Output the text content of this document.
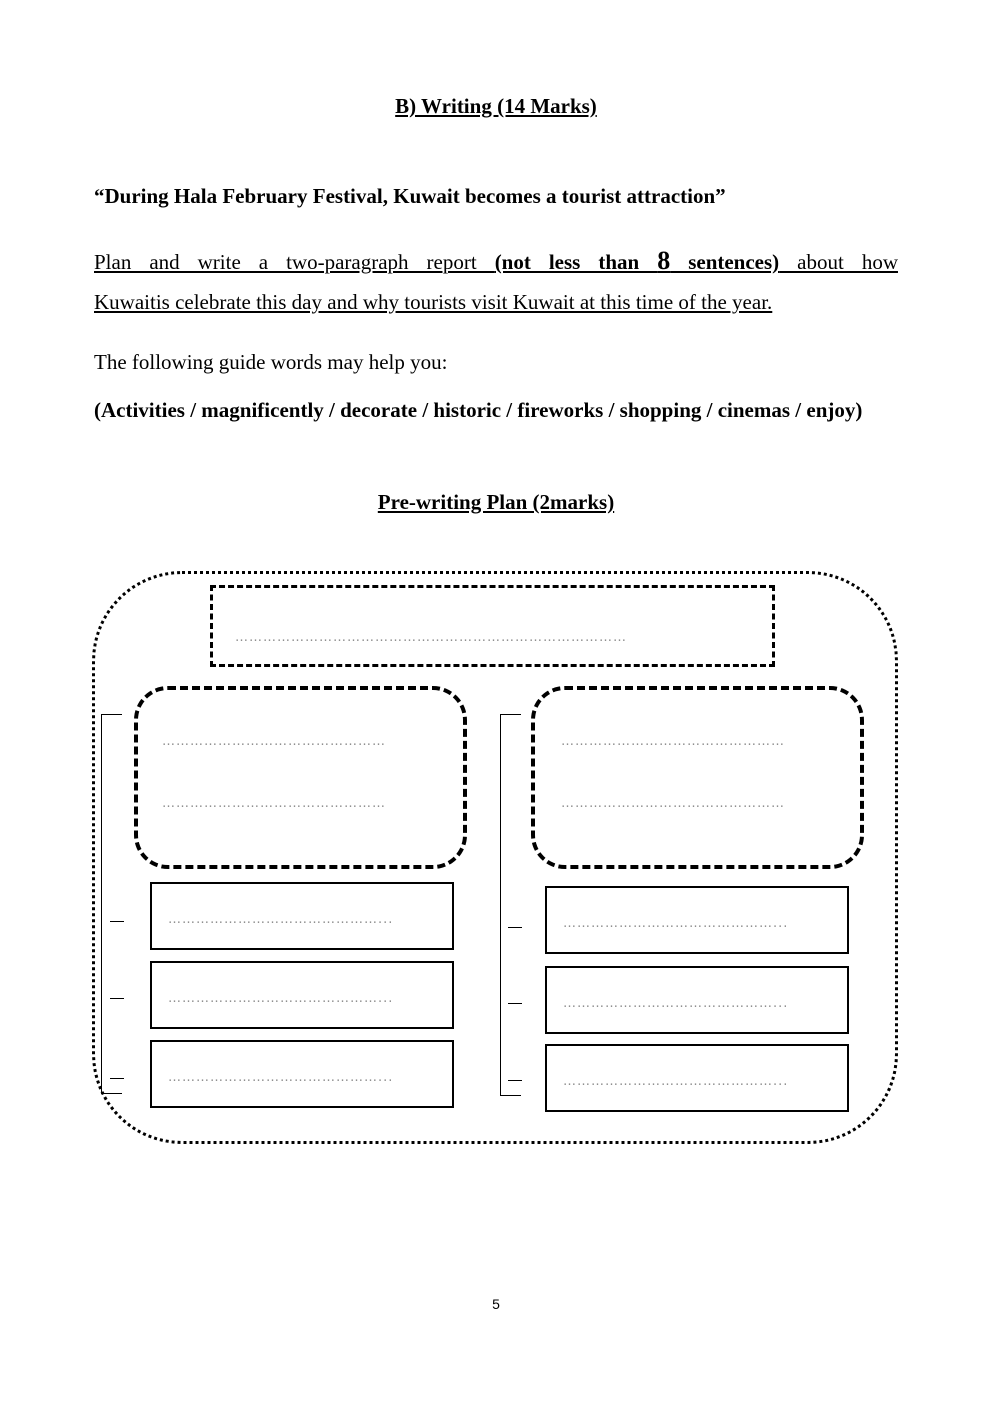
B) Writing (14 Marks)
“During Hala February Festival, Kuwait becomes a tourist attraction”
Plan and write a two-paragraph report (not less than 8 sentences) about how
Kuwaitis celebrate this day and why tourists visit Kuwait at this time of the year.
The following guide words may help you:
(Activities / magnificently / decorate / historic / fireworks / shopping / cinemas / enjoy)
Pre-writing Plan (2marks)
…………………………………………………………………………
…………………………………………
…………………………………………
………………………………………...
………………………………………...
………………………………………...
…………………………………………
…………………………………………
………………………………………...
………………………………………...
………………………………………...
5
